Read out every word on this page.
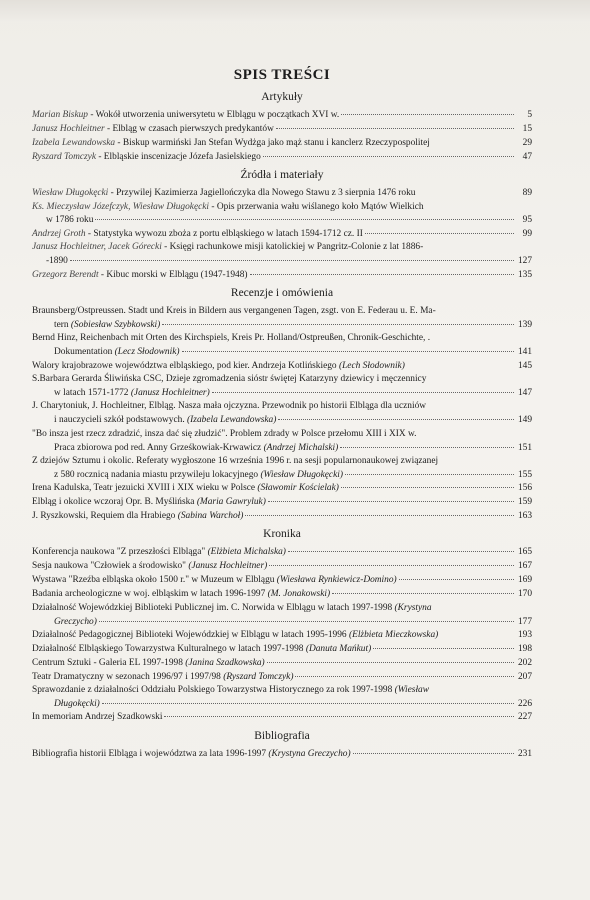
SPIS TREŚCI
Artykuły
Marian Biskup - Wokół utworzenia uniwersytetu w Elblągu w początkach XVI w.	5
Janusz Hochleitner - Elbląg w czasach pierwszych predykantów	15
Izabela Lewandowska - Biskup warmiński Jan Stefan Wydżga jako mąż stanu i kanclerz Rzeczypospolitej	29
Ryszard Tomczyk - Elbląskie inscenizacje Józefa Jasielskiego	47
Źródła i materiały
Wiesław Długokęcki - Przywilej Kazimierza Jagiellończyka dla Nowego Stawu z 3 sierpnia 1476 roku	89
Ks. Mieczysław Józefczyk, Wiesław Długokęcki - Opis przerwania wału wiślanego koło Mątów Wielkich
w 1786 roku	95
Andrzej Groth - Statystyka wywozu zboża z portu elbląskiego w latach 1594-1712 cz. II	99
Janusz Hochleitner, Jacek Górecki - Księgi rachunkowe misji katolickiej w Pangritz-Colonie z lat 1886-
-1890	127
Grzegorz Berendt - Kibuc morski w Elblągu (1947-1948)	135
Recenzje i omówienia
Braunsberg/Ostpreussen. Stadt und Kreis in Bildern aus vergangenen Tagen, zsgt. von E. Federau u. E. Ma-
tern (Sobiesław Szybkowski)	139
Bernd Hinz, Reichenbach mit Orten des Kirchspiels, Kreis Pr. Holland/Ostpreußen, Chronik-Geschichte, .
Dokumentation (Lecz Słodownik)	141
Walory krajobrazowe województwa elbląskiego, pod kier. Andrzeja Kotlińskiego (Lech Słodownik)	145
S.Barbara Gerarda Śliwińska CSC, Dzieje zgromadzenia sióstr świętej Katarzyny dziewicy i męczennicy
w latach 1571-1772 (Janusz Hochleitner)	147
J. Charytoniuk, J. Hochleitner, Elbląg. Nasza mała ojczyzna. Przewodnik po historii Elbląga dla uczniów
i nauczycieli szkół podstawowych. (Izabela Lewandowska)	149
"Bo insza jest rzecz zdradzić, insza dać się złudzić". Problem zdrady w Polsce przełomu XIII i XIX w.
Praca zbiorowa pod red. Anny Grześkowiak-Krwawicz (Andrzej Michalski)	151
Z dziejów Sztumu i okolic. Referaty wygłoszone 16 września 1996 r. na sesji popularnonaukowej związanej
z 580 rocznicą nadania miastu przywileju lokacyjnego (Wiesław Długokęcki)	155
Irena Kadulska, Teatr jezuicki XVIII i XIX wieku w Polsce (Sławomir Kościelak)	156
Elbląg i okolice wczoraj Opr. B. Myślińska (Maria Gawryluk)	159
J. Ryszkowski, Requiem dla Hrabiego (Sabina Warchoł)	163
Kronika
Konferencja naukowa "Z przeszłości Elbląga" (Elżbieta Michalska)	165
Sesja naukowa "Człowiek a środowisko" (Janusz Hochleitner)	167
Wystawa "Rzeźba elbląska około 1500 r." w Muzeum w Elblągu (Wiesława Rynkiewicz-Domino)	169
Badania archeologiczne w woj. elbląskim w latach 1996-1997 (M. Jonakowski)	170
Działalność Wojewódzkiej Biblioteki Publicznej im. C. Norwida w Elblągu w latach 1997-1998 (Krystyna
Greczycho)	177
Działalność Pedagogicznej Biblioteki Wojewódzkiej w Elblągu w latach 1995-1996 (Elżbieta Mieczkowska)	193
Działalność Elbląskiego Towarzystwa Kulturalnego w latach 1997-1998 (Danuta Mańkut)	198
Centrum Sztuki - Galeria EL 1997-1998 (Janina Szadkowska)	202
Teatr Dramatyczny w sezonach 1996/97 i 1997/98 (Ryszard Tomczyk)	207
Sprawozdanie z działalności Oddziału Polskiego Towarzystwa Historycznego za rok 1997-1998 (Wiesław
Długokęcki)	226
In memoriam Andrzej Szadkowski	227
Bibliografia
Bibliografia historii Elbląga i województwa za lata 1996-1997 (Krystyna Greczycho)	231
